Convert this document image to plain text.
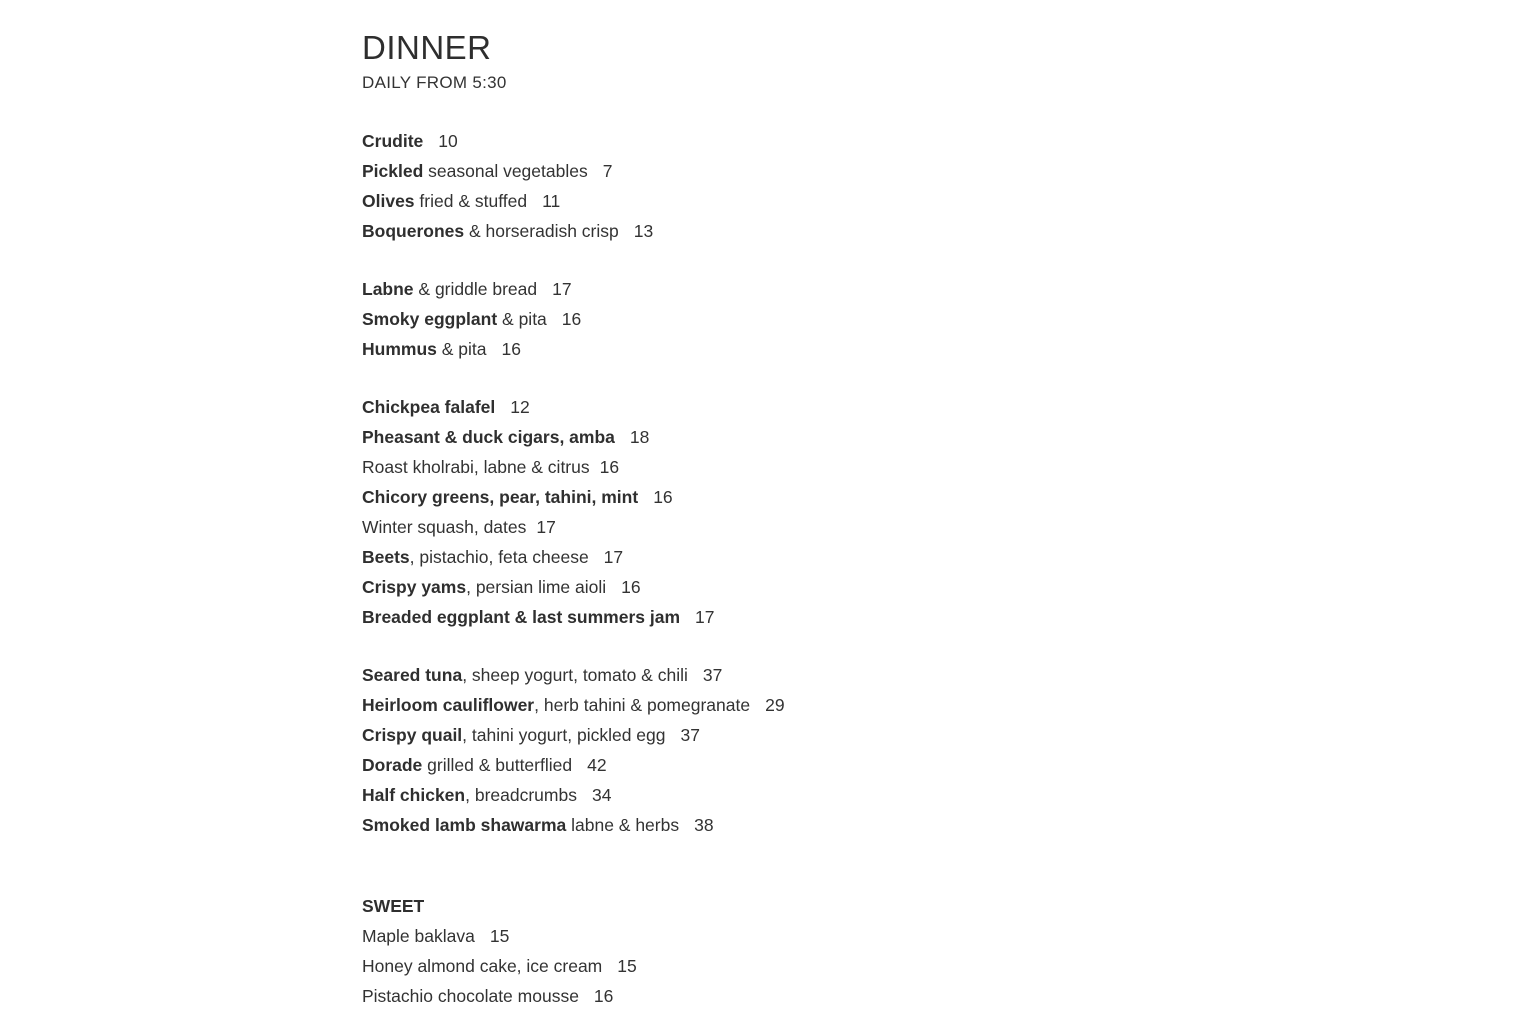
DINNER

DAILY FROM 5:30

Crudite 10
Pickled seasonal vegetables 7
Olives fried & stuffed 11
Boquerones & horseradish crisp 13
Labne & griddle bread 17
Smoky eggplant & pita 16
Hummus & pita 16
Chickpea falafel 12
Pheasant & duck cigars, amba 18
Roast kholrabi, labne & citrus 16
Chicory greens, pear, tahini, mint 16
Winter squash, dates 17
Beets, pistachio, feta cheese 17
Crispy yams, persian lime aioli 16
Breaded eggplant & last summers jam 17
Seared tuna, sheep yogurt, tomato & chili 37
Heirloom cauliflower, herb tahini & pomegranate 29
Crispy quail, tahini yogurt, pickled egg 37
Dorade grilled & butterflied 42
Half chicken, breadcrumbs 34
Smoked lamb shawarma labne & herbs 38
SWEET
Maple baklava 15
Honey almond cake, ice cream 15
Pistachio chocolate mousse 16
